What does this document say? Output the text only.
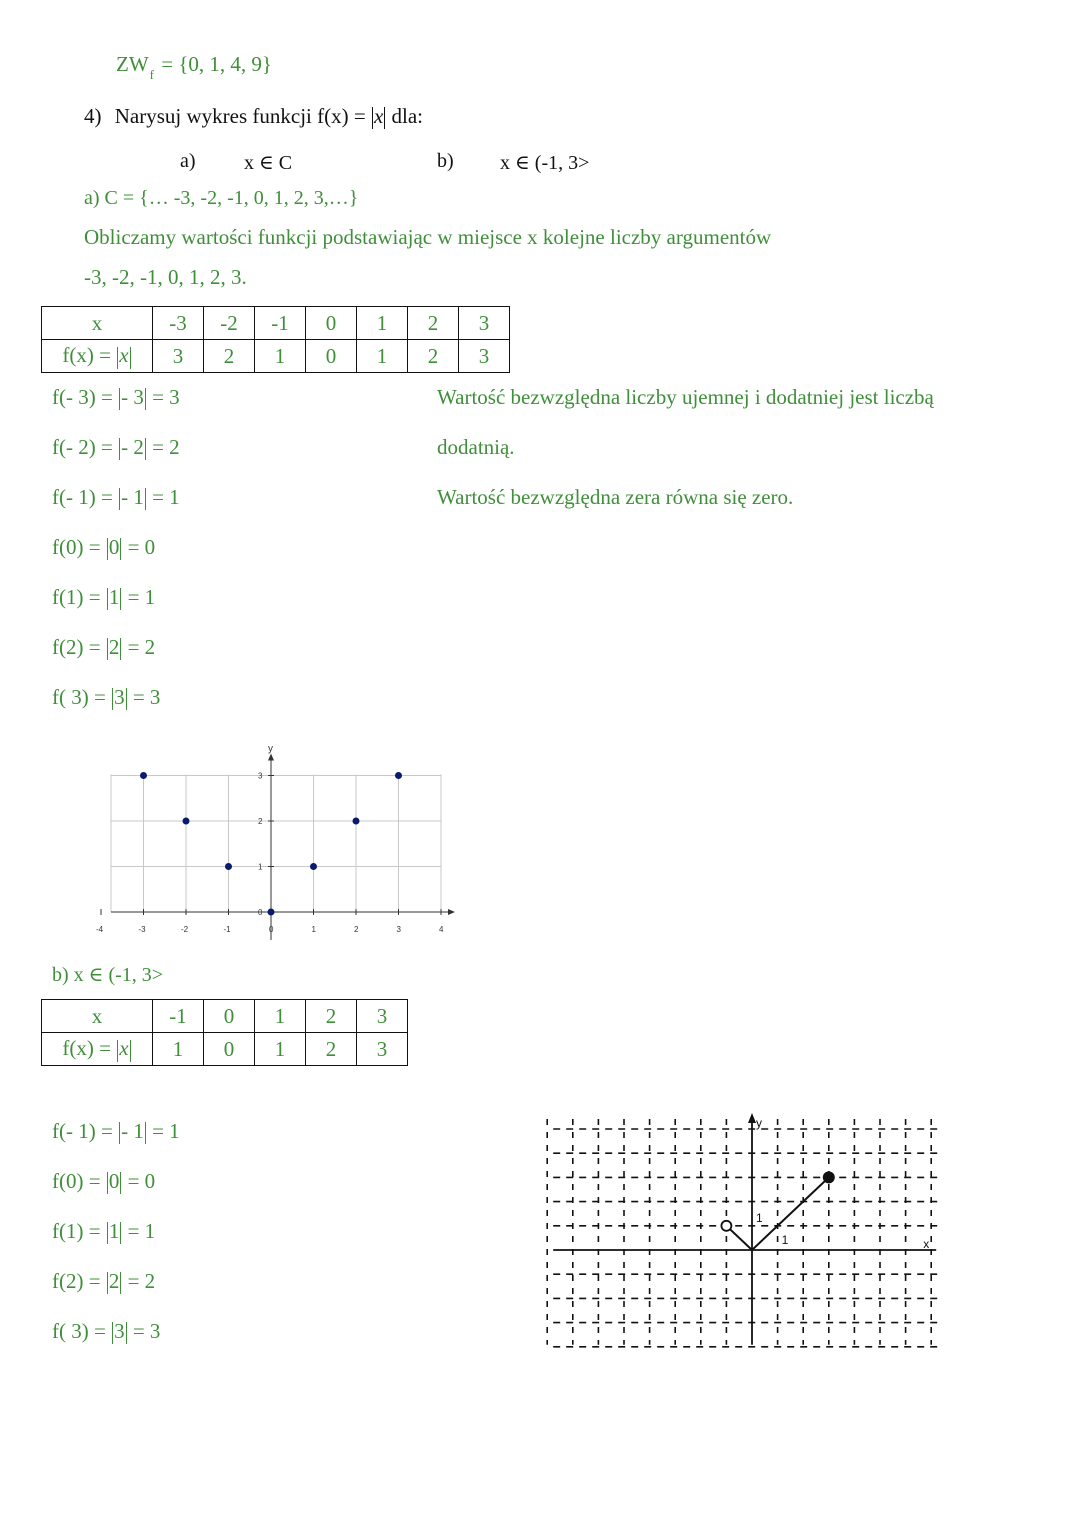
$ZW_f = \{0$, 1, 4, 9}
4) Narysuj wykres funkcji f(x) = x dla:
a) x ∈ C	b) x ∈ (-1, 3>
a) C = {… -3, -2, -1, 0, 1, 2, 3,…}
Obliczamy wartości funkcji podstawiając w miejsce x kolejne liczby argumentów
-3, -2, -1, 0, 1, 2, 3.
x	-3	-2	-1	0	1	2	3
f(x) = x	3	2	1	0	1	2	3
f(- 3) = - 3 = 3
f(- 2) = - 2 = 2
f(- 1) = - 1 = 1
f(0) = 0 = 0
f(1) = 1 = 1
f(2) = 2 = 2
f( 3) = 3 = 3
Wartość bezwzględna liczby ujemnej i dodatniej jest liczbą
dodatnią.
Wartość bezwzględna zera równa się zero.
y
-4	-3	-2	-1	0	1	2	3	4
0
1
2
3
b) x ∈ (-1, 3>
x	-1	0	1	2	3
f(x) = x	1	0	1	2	3
f(- 1) = - 1 = 1
f(0) = 0 = 0
f(1) = 1 = 1
f(2) = 2 = 2
f( 3) = 3 = 3
x
y
1
1
